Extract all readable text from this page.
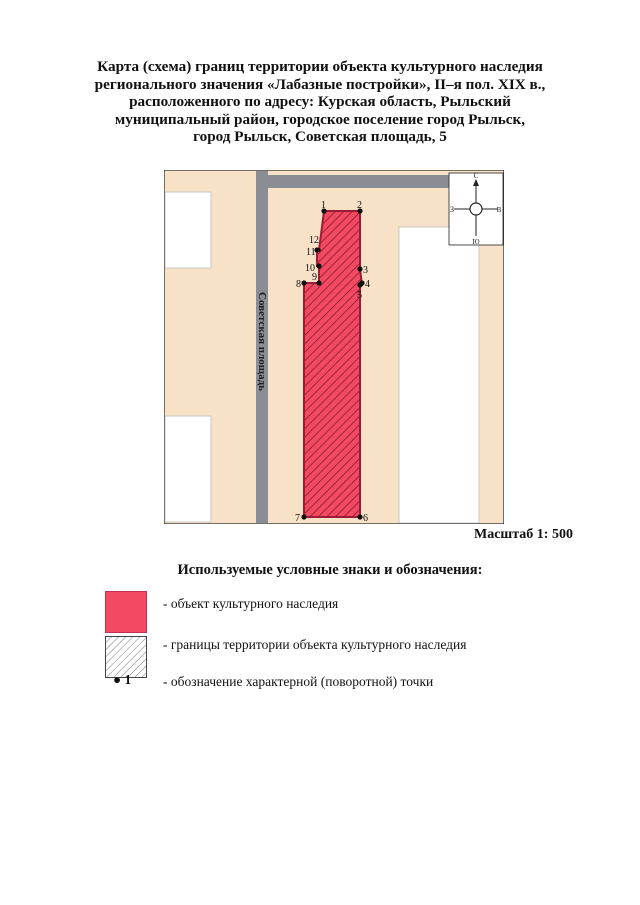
Карта (схема) границ территории объекта культурного наследия
регионального значения «Лабазные постройки», II–я пол. XIX в.,
расположенного по адресу: Курская область, Рыльский
муниципальный район, городское поселение город Рыльск,
город Рыльск, Советская площадь, 5
С
Ю
З	В
Советская площадь
1	2
3
4
5
6
7
8
9
10
11
12
Масштаб 1: 500
Используемые условные знаки и обозначения:
- объект культурного наследия
- границы территории объекта культурного наследия
● 1 - обозначение характерной (поворотной) точки
